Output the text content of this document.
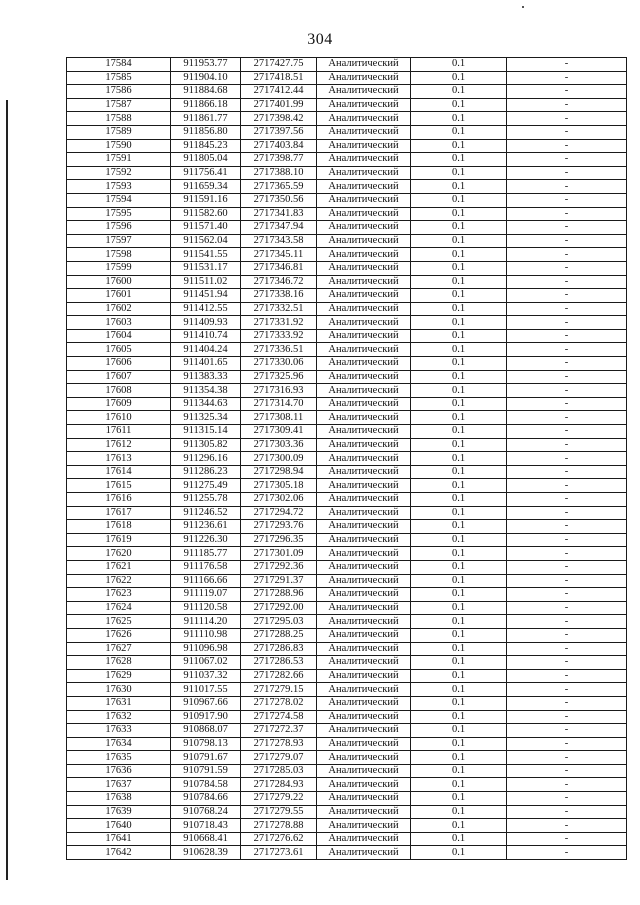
304
17584	911953.77	2717427.75	Аналитический	0.1	-
17585	911904.10	2717418.51	Аналитический	0.1	-
17586	911884.68	2717412.44	Аналитический	0.1	-
17587	911866.18	2717401.99	Аналитический	0.1	-
17588	911861.77	2717398.42	Аналитический	0.1	-
17589	911856.80	2717397.56	Аналитический	0.1	-
17590	911845.23	2717403.84	Аналитический	0.1	-
17591	911805.04	2717398.77	Аналитический	0.1	-
17592	911756.41	2717388.10	Аналитический	0.1	-
17593	911659.34	2717365.59	Аналитический	0.1	-
17594	911591.16	2717350.56	Аналитический	0.1	-
17595	911582.60	2717341.83	Аналитический	0.1	-
17596	911571.40	2717347.94	Аналитический	0.1	-
17597	911562.04	2717343.58	Аналитический	0.1	-
17598	911541.55	2717345.11	Аналитический	0.1	-
17599	911531.17	2717346.81	Аналитический	0.1	-
17600	911511.02	2717346.72	Аналитический	0.1	-
17601	911451.94	2717338.16	Аналитический	0.1	-
17602	911412.55	2717332.51	Аналитический	0.1	-
17603	911409.93	2717331.92	Аналитический	0.1	-
17604	911410.74	2717333.92	Аналитический	0.1	-
17605	911404.24	2717336.51	Аналитический	0.1	-
17606	911401.65	2717330.06	Аналитический	0.1	-
17607	911383.33	2717325.96	Аналитический	0.1	-
17608	911354.38	2717316.93	Аналитический	0.1	-
17609	911344.63	2717314.70	Аналитический	0.1	-
17610	911325.34	2717308.11	Аналитический	0.1	-
17611	911315.14	2717309.41	Аналитический	0.1	-
17612	911305.82	2717303.36	Аналитический	0.1	-
17613	911296.16	2717300.09	Аналитический	0.1	-
17614	911286.23	2717298.94	Аналитический	0.1	-
17615	911275.49	2717305.18	Аналитический	0.1	-
17616	911255.78	2717302.06	Аналитический	0.1	-
17617	911246.52	2717294.72	Аналитический	0.1	-
17618	911236.61	2717293.76	Аналитический	0.1	-
17619	911226.30	2717296.35	Аналитический	0.1	-
17620	911185.77	2717301.09	Аналитический	0.1	-
17621	911176.58	2717292.36	Аналитический	0.1	-
17622	911166.66	2717291.37	Аналитический	0.1	-
17623	911119.07	2717288.96	Аналитический	0.1	-
17624	911120.58	2717292.00	Аналитический	0.1	-
17625	911114.20	2717295.03	Аналитический	0.1	-
17626	911110.98	2717288.25	Аналитический	0.1	-
17627	911096.98	2717286.83	Аналитический	0.1	-
17628	911067.02	2717286.53	Аналитический	0.1	-
17629	911037.32	2717282.66	Аналитический	0.1	-
17630	911017.55	2717279.15	Аналитический	0.1	-
17631	910967.66	2717278.02	Аналитический	0.1	-
17632	910917.90	2717274.58	Аналитический	0.1	-
17633	910868.07	2717272.37	Аналитический	0.1	-
17634	910798.13	2717278.93	Аналитический	0.1	-
17635	910791.67	2717279.07	Аналитический	0.1	-
17636	910791.59	2717285.03	Аналитический	0.1	-
17637	910784.58	2717284.93	Аналитический	0.1	-
17638	910784.66	2717279.22	Аналитический	0.1	-
17639	910768.24	2717279.55	Аналитический	0.1	-
17640	910718.43	2717278.88	Аналитический	0.1	-
17641	910668.41	2717276.62	Аналитический	0.1	-
17642	910628.39	2717273.61	Аналитический	0.1	-
